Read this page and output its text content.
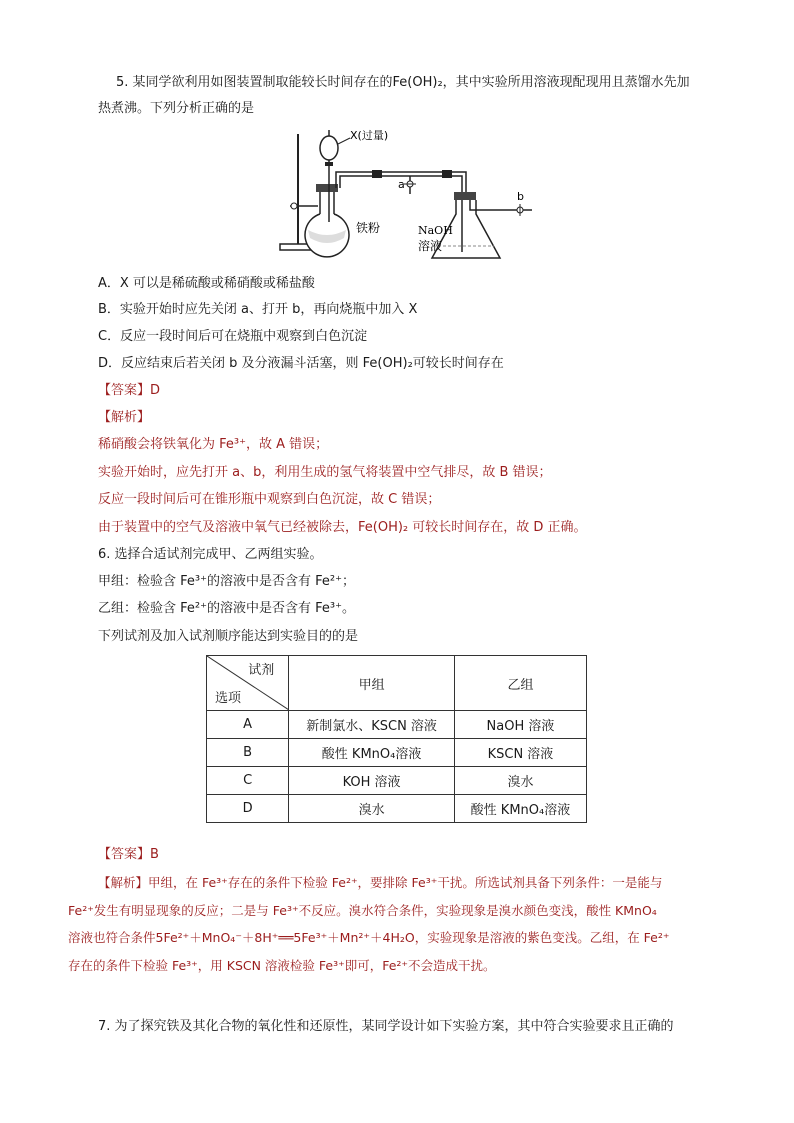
5. 某同学欲利用如图装置制取能较长时间存在的Fe(OH)₂，其中实验所用溶液现配现用且蒸馏水先加
热煮沸。下列分析正确的是
X(过量)
a
b
铁粉	NaOH
溶液
A．X 可以是稀硫酸或稀硝酸或稀盐酸
B．实验开始时应先关闭 a、打开 b，再向烧瓶中加入 X
C．反应一段时间后可在烧瓶中观察到白色沉淀
D．反应结束后若关闭 b 及分液漏斗活塞，则 Fe(OH)₂可较长时间存在
【答案】D
【解析】
稀硝酸会将铁氧化为 Fe³⁺，故 A 错误；
实验开始时，应先打开 a、b，利用生成的氢气将装置中空气排尽，故 B 错误；
反应一段时间后可在锥形瓶中观察到白色沉淀，故 C 错误；
由于装置中的空气及溶液中氧气已经被除去，Fe(OH)₂ 可较长时间存在，故 D 正确。
6. 选择合适试剂完成甲、乙两组实验。
甲组：检验含 Fe³⁺的溶液中是否含有 Fe²⁺；
乙组：检验含 Fe²⁺的溶液中是否含有 Fe³⁺。
下列试剂及加入试剂顺序能达到实验目的的是
试剂
选项	甲组	乙组
A	新制氯水、KSCN 溶液	NaOH 溶液
B	酸性 KMnO₄溶液	KSCN 溶液
C	KOH 溶液	溴水
D	溴水	酸性 KMnO₄溶液
【答案】B
【解析】甲组，在 Fe³⁺存在的条件下检验 Fe²⁺，要排除 Fe³⁺干扰。所选试剂具备下列条件：一是能与
Fe²⁺发生有明显现象的反应；二是与 Fe³⁺不反应。溴水符合条件，实验现象是溴水颜色变浅，酸性 KMnO₄
溶液也符合条件5Fe²⁺＋MnO₄⁻＋8H⁺══5Fe³⁺＋Mn²⁺＋4H₂O，实验现象是溶液的紫色变浅。乙组，在 Fe²⁺
存在的条件下检验 Fe³⁺，用 KSCN 溶液检验 Fe³⁺即可，Fe²⁺不会造成干扰。
7. 为了探究铁及其化合物的氧化性和还原性，某同学设计如下实验方案，其中符合实验要求且正确的
